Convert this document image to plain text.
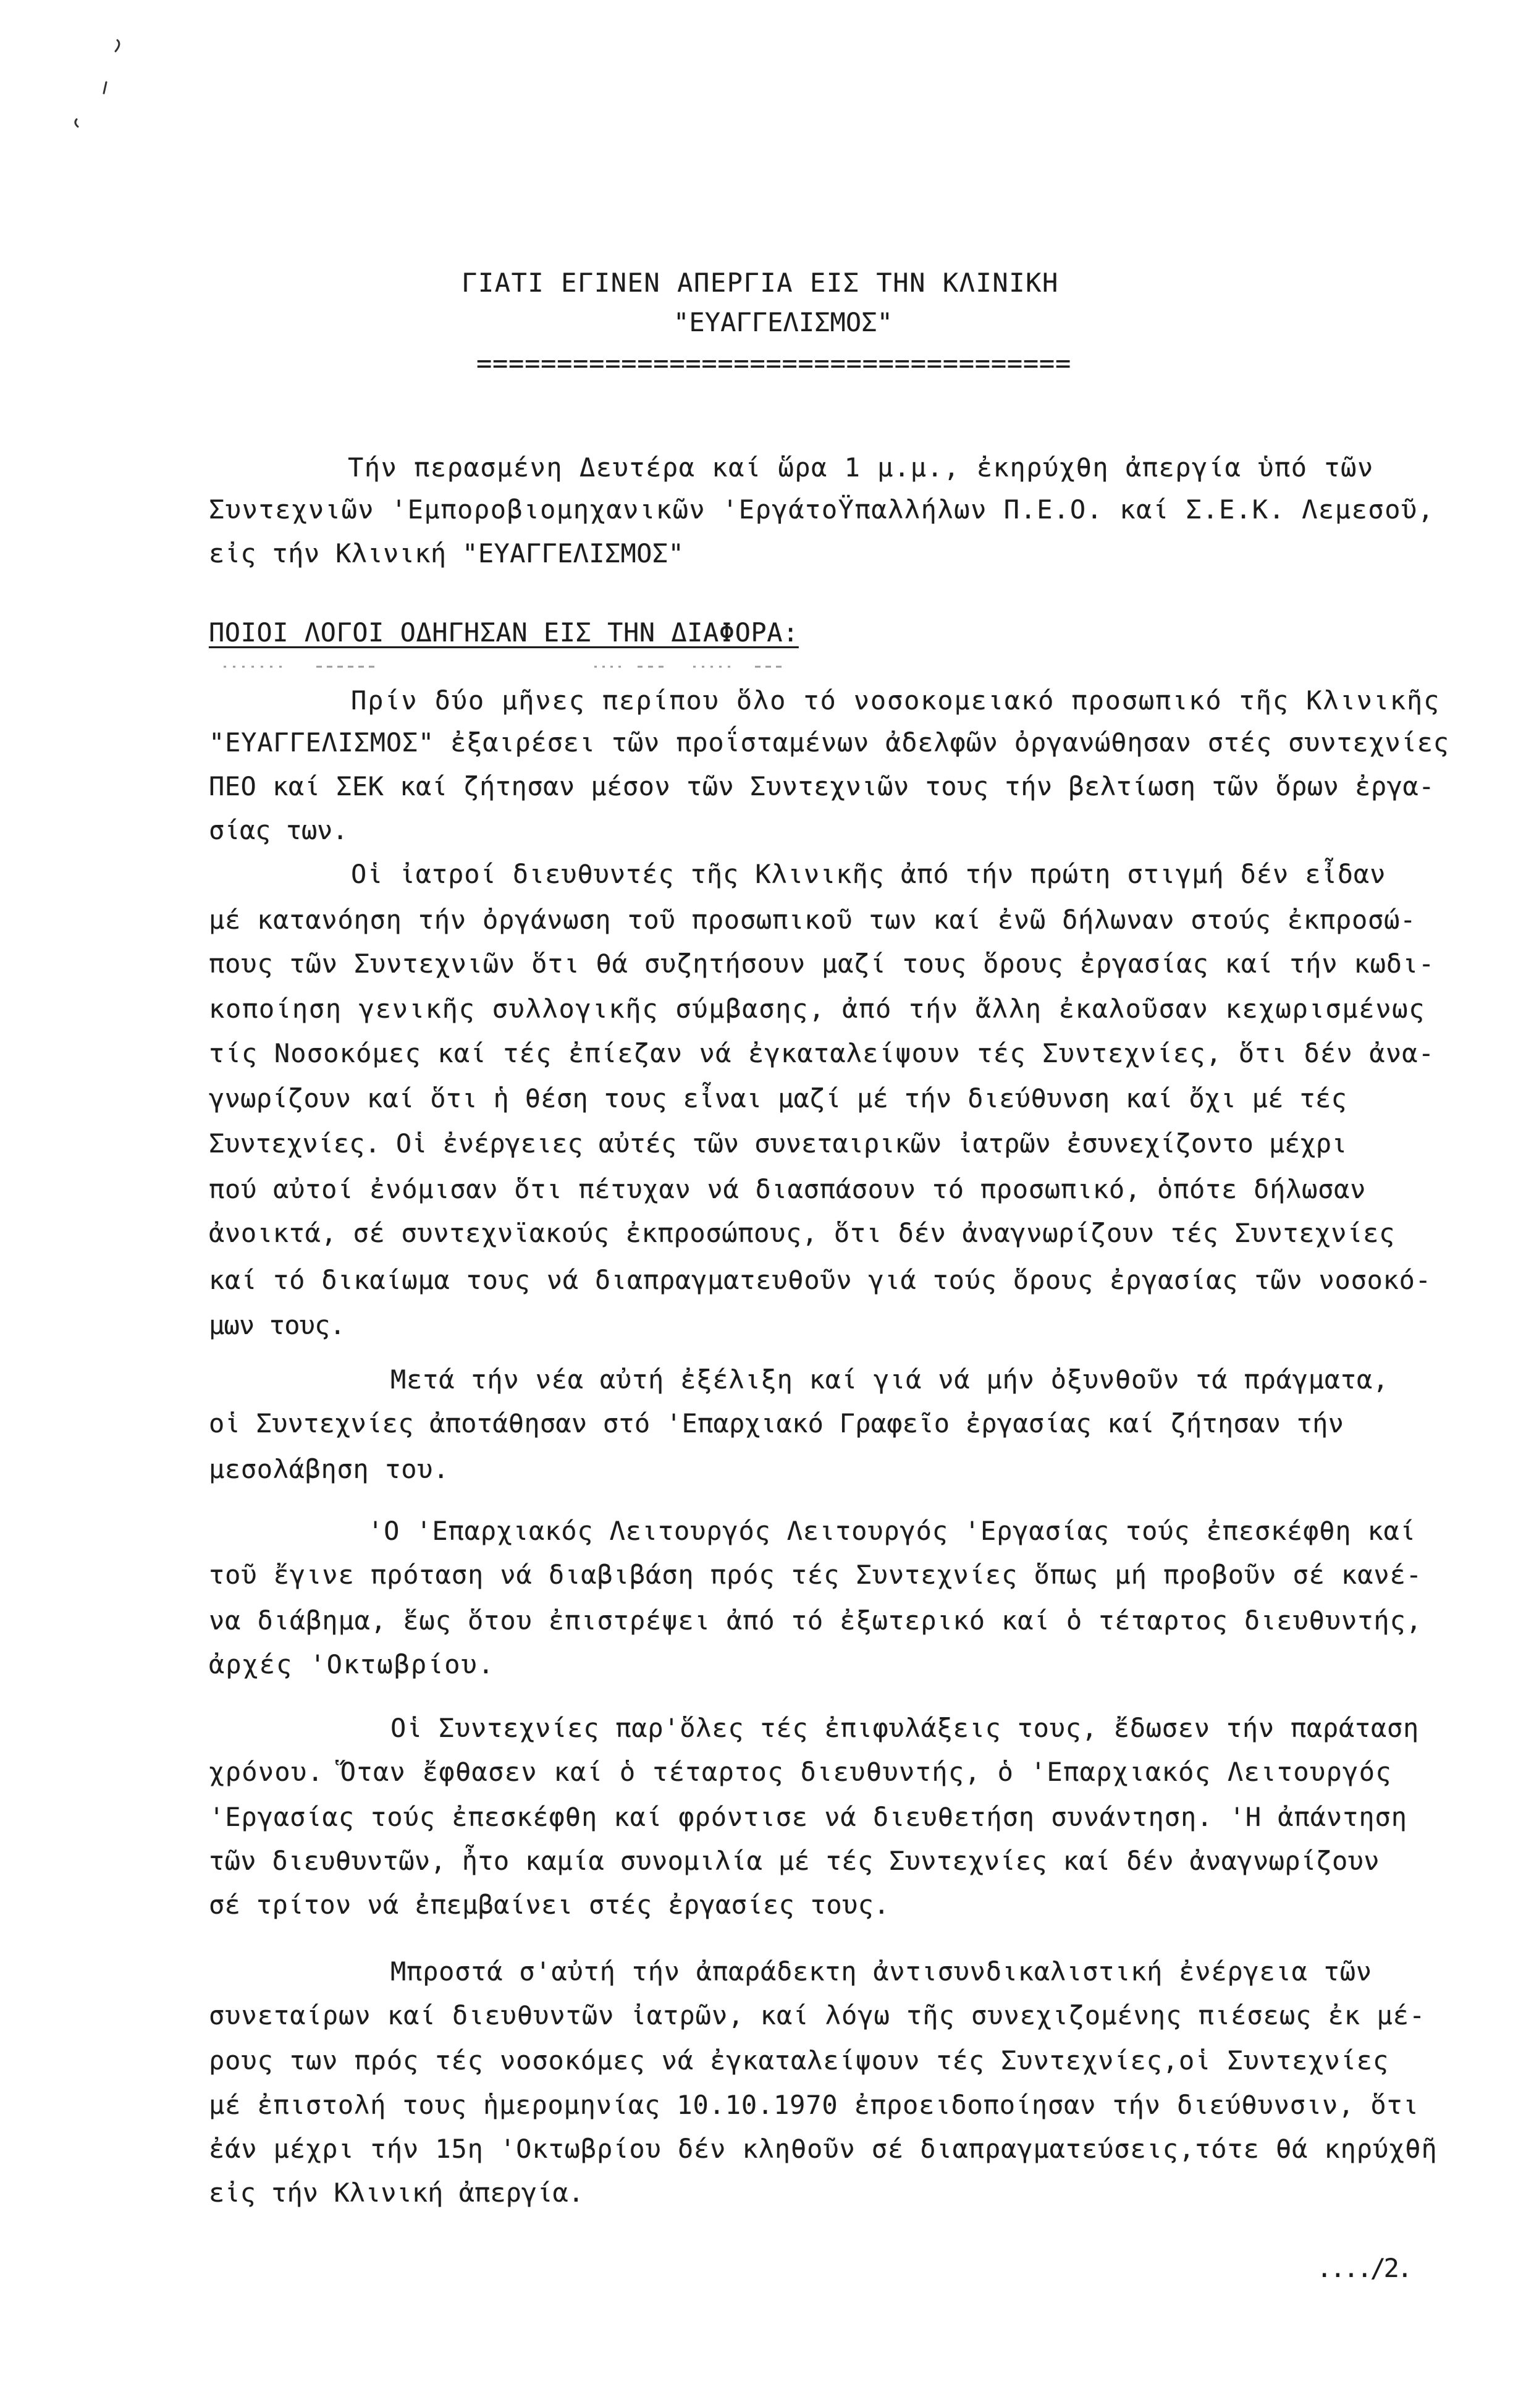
ΓΙΑΤΙ ΕΓΙΝΕΝ ΑΠΕΡΓΙΑ ΕΙΣ ΤΗΝ ΚΛΙΝΙΚΗ
"ΕΥΑΓΓΕΛΙΣΜΟΣ"
=====================================
Τήν περασμένη Δευτέρα καί ὥρα 1 μ.μ., ἐκηρύχθη ἀπεργία ὑπό τῶν
Συντεχνιῶν 'Εμποροβιομηχανικῶν 'ΕργάτοΫπαλλήλων Π.Ε.Ο. καί Σ.Ε.Κ. Λεμεσοῦ,
εἰς τήν Κλινική "ΕΥΑΓΓΕΛΙΣΜΟΣ"
ΠΟΙΟΙ ΛΟΓΟΙ ΟΔΗΓΗΣΑΝ ΕΙΣ ΤΗΝ ΔΙΑΦΟΡΑ:
Πρίν δύο μῆνες περίπου ὅλο τό νοσοκομειακό προσωπικό τῆς Κλινικῆς
"ΕΥΑΓΓΕΛΙΣΜΟΣ" ἐξαιρέσει τῶν προΐσταμένων ἀδελφῶν ὀργανώθησαν στές συντεχνίες
ΠΕΟ καί ΣΕΚ καί ζήτησαν μέσον τῶν Συντεχνιῶν τους τήν βελτίωση τῶν ὅρων ἐργα-
σίας των.
Οἱ ἰατροί διευθυντές τῆς Κλινικῆς ἀπό τήν πρώτη στιγμή δέν εἶδαν
μέ κατανόηση τήν ὀργάνωση τοῦ προσωπικοῦ των καί ἐνῶ δήλωναν στούς ἐκπροσώ-
πους τῶν Συντεχνιῶν ὅτι θά συζητήσουν μαζί τους ὅρους ἐργασίας καί τήν κωδι-
κοποίηση γενικῆς συλλογικῆς σύμβασης, ἀπό τήν ἄλλη ἐκαλοῦσαν κεχωρισμένως
τίς Νοσοκόμες καί τές ἐπίεζαν νά ἐγκαταλείψουν τές Συντεχνίες, ὅτι δέν ἀνα-
γνωρίζουν καί ὅτι ἡ θέση τους εἶναι μαζί μέ τήν διεύθυνση καί ὄχι μέ τές
Συντεχνίες. Οἱ ἐνέργειες αὐτές τῶν συνεταιρικῶν ἰατρῶν ἐσυνεχίζοντο μέχρι
πού αὐτοί ἐνόμισαν ὅτι πέτυχαν νά διασπάσουν τό προσωπικό, ὁπότε δήλωσαν
ἀνοικτά, σέ συντεχνϊακούς ἐκπροσώπους, ὅτι δέν ἀναγνωρίζουν τές Συντεχνίες
καί τό δικαίωμα τους νά διαπραγματευθοῦν γιά τούς ὅρους ἐργασίας τῶν νοσοκό-
μων τους.
Μετά τήν νέα αὐτή ἐξέλιξη καί γιά νά μήν ὀξυνθοῦν τά πράγματα,
οἱ Συντεχνίες ἀποτάθησαν στό 'Επαρχιακό Γραφεῖο ἐργασίας καί ζήτησαν τήν
μεσολάβηση του.
'Ο 'Επαρχιακός Λειτουργός Λειτουργός 'Εργασίας τούς ἐπεσκέφθη καί
τοῦ ἔγινε πρόταση νά διαβιβάση πρός τές Συντεχνίες ὅπως μή προβοῦν σέ κανέ-
να διάβημα, ἕως ὅτου ἐπιστρέψει ἀπό τό ἐξωτερικό καί ὁ τέταρτος διευθυντής,
ἀρχές 'Οκτωβρίου.
Οἱ Συντεχνίες παρ'ὅλες τές ἐπιφυλάξεις τους, ἔδωσεν τήν παράταση
χρόνου. Ὅταν ἔφθασεν καί ὁ τέταρτος διευθυντής, ὁ 'Επαρχιακός Λειτουργός
'Εργασίας τούς ἐπεσκέφθη καί φρόντισε νά διευθετήση συνάντηση. 'Η ἀπάντηση
τῶν διευθυντῶν, ἦτο καμία συνομιλία μέ τές Συντεχνίες καί δέν ἀναγνωρίζουν
σέ τρίτον νά ἐπεμβαίνει στές ἐργασίες τους.
Μπροστά σ'αὐτή τήν ἀπαράδεκτη ἀντισυνδικαλιστική ἐνέργεια τῶν
συνεταίρων καί διευθυντῶν ἰατρῶν, καί λόγω τῆς συνεχιζομένης πιέσεως ἐκ μέ-
ρους των πρός τές νοσοκόμες νά ἐγκαταλείψουν τές Συντεχνίες,οἱ Συντεχνίες
μέ ἐπιστολή τους ἡμερομηνίας 10.10.1970 ἐπροειδοποίησαν τήν διεύθυνσιν, ὅτι
ἐάν μέχρι τήν 15η 'Οκτωβρίου δέν κληθοῦν σέ διαπραγματεύσεις,τότε θά κηρύχθῆ
εἰς τήν Κλινική ἀπεργία.
..../2.
